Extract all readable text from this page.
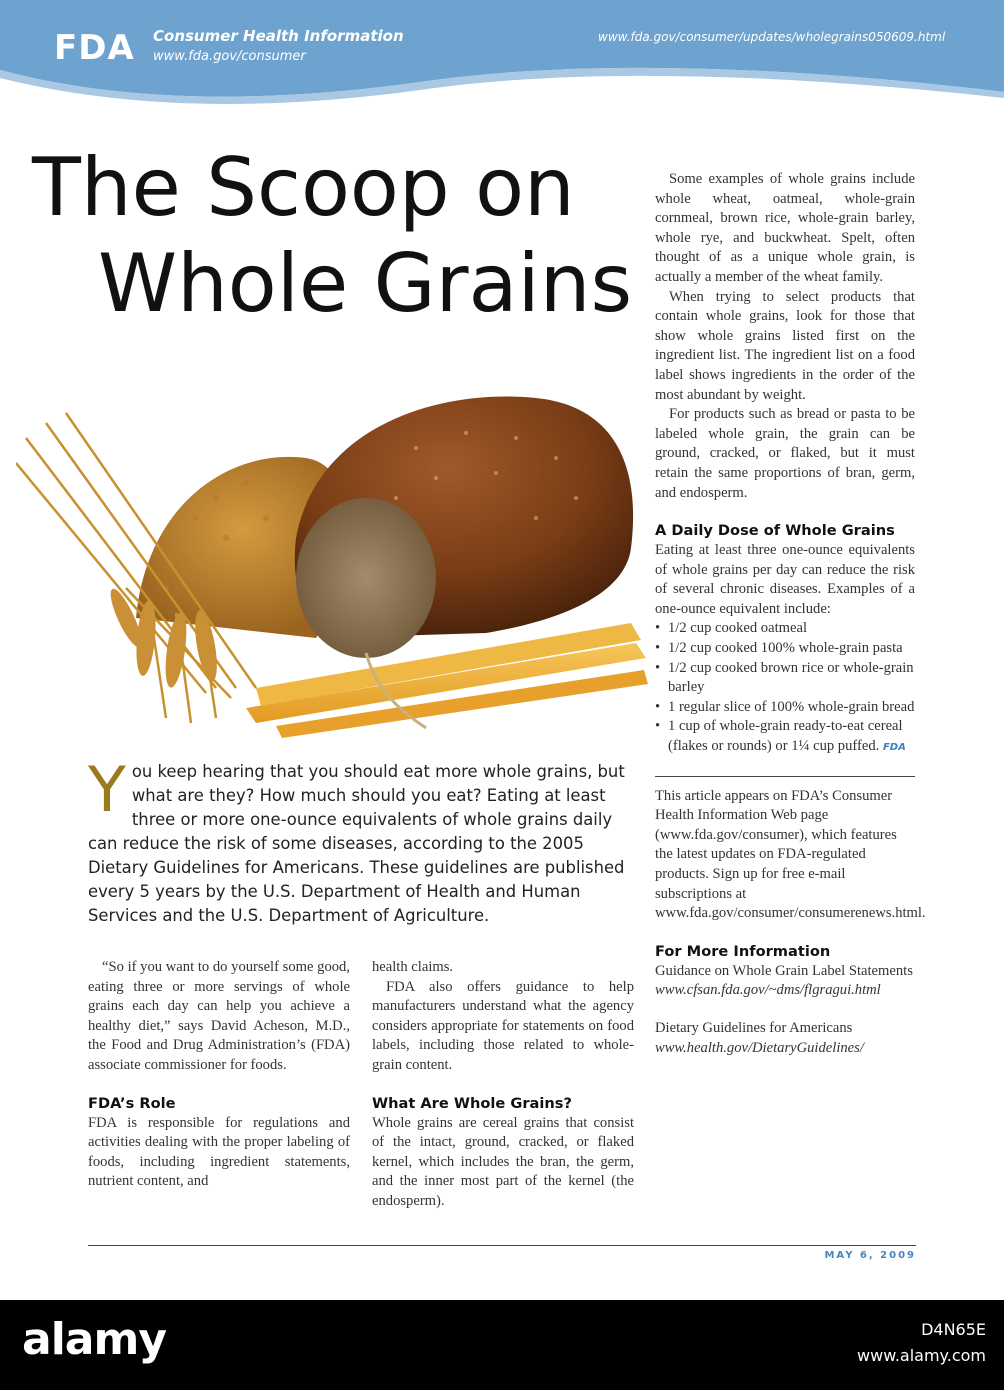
FDA Consumer Health Information
www.fda.gov/consumer
www.fda.gov/consumer/updates/wholegrains050609.html
The Scoop on
Whole Grains
You keep hearing that you should eat more whole grains, but what are they? How much should you eat? Eating at least three or more one-ounce equivalents of whole grains daily can reduce the risk of some diseases, according to the 2005 Dietary Guidelines for Americans. These guidelines are published every 5 years by the U.S. Department of Health and Human Services and the U.S. Department of Agriculture.

“So if you want to do yourself some good, eating three or more servings of whole grains each day can help you achieve a healthy diet,” says David Acheson, M.D., the Food and Drug Administration’s (FDA) associate commissioner for foods.

FDA’s Role

FDA is responsible for regulations and activities dealing with the proper labeling of foods, including ingredient statements, nutrient content, and

health claims.

FDA also offers guidance to help manufacturers understand what the agency considers appropriate for statements on food labels, including those related to whole-grain content.

What Are Whole Grains?

Whole grains are cereal grains that consist of the intact, ground, cracked, or flaked kernel, which includes the bran, the germ, and the inner most part of the kernel (the endosperm).

Some examples of whole grains include whole wheat, oatmeal, whole-grain cornmeal, brown rice, whole-grain barley, whole rye, and buckwheat. Spelt, often thought of as a unique whole grain, is actually a member of the wheat family.

When trying to select products that contain whole grains, look for those that show whole grains listed first on the ingredient list. The ingredient list on a food label shows ingredients in the order of the most abundant by weight.

For products such as bread or pasta to be labeled whole grain, the grain can be ground, cracked, or flaked, but it must retain the same proportions of bran, germ, and endosperm.

A Daily Dose of Whole Grains

Eating at least three one-ounce equivalents of whole grains per day can reduce the risk of several chronic diseases. Examples of a one-ounce equivalent include:

• 1/2 cup cooked oatmeal
• 1/2 cup cooked 100% whole-grain pasta
• 1/2 cup cooked brown rice or whole-grain barley
• 1 regular slice of 100% whole-grain bread
• 1 cup of whole-grain ready-to-eat cereal (flakes or rounds) or 1¼ cup puffed. FDA

This article appears on FDA’s Consumer Health Information Web page (www.fda.gov/consumer), which features the latest updates on FDA-regulated products. Sign up for free e-mail subscriptions at www.fda.gov/consumer/consumerenews.html.

For More Information

Guidance on Whole Grain Label Statements

www.cfsan.fda.gov/~dms/flgragui.html

Dietary Guidelines for Americans

www.health.gov/DietaryGuidelines/

MAY 6, 2009
alamy	D4N65E
www.alamy.com
